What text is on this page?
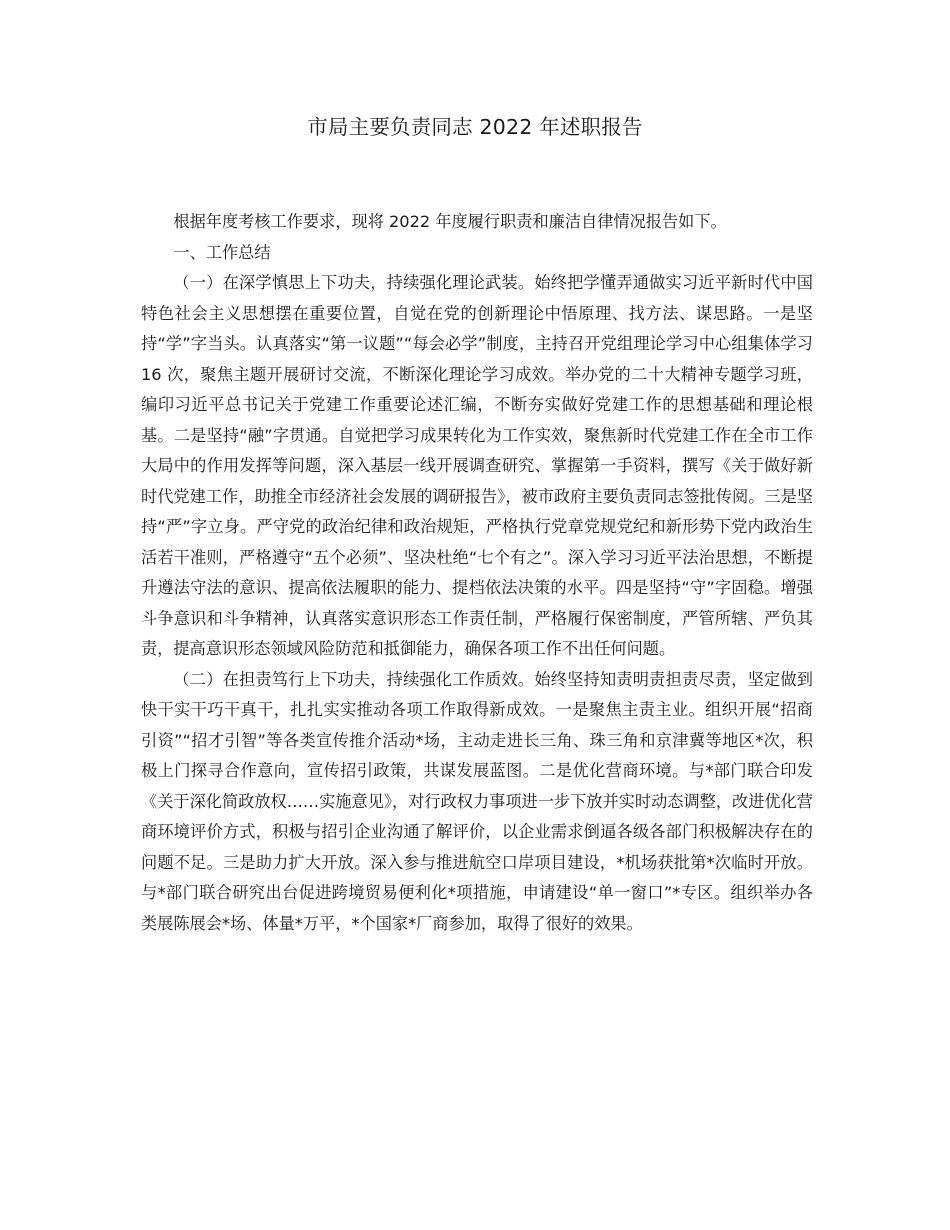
市局主要负责同志 2022 年述职报告

根据年度考核工作要求，现将 2022 年度履行职责和廉洁自律情况报告如下。

一、工作总结

（一）在深学慎思上下功夫，持续强化理论武装。始终把学懂弄通做实习近平新时代中国特色社会主义思想摆在重要位置，自觉在党的创新理论中悟原理、找方法、谋思路。一是坚持“学”字当头。认真落实“第一议题”“每会必学”制度，主持召开党组理论学习中心组集体学习 16 次，聚焦主题开展研讨交流，不断深化理论学习成效。举办党的二十大精神专题学习班，编印习近平总书记关于党建工作重要论述汇编，不断夯实做好党建工作的思想基础和理论根基。二是坚持“融”字贯通。自觉把学习成果转化为工作实效，聚焦新时代党建工作在全市工作大局中的作用发挥等问题，深入基层一线开展调查研究、掌握第一手资料，撰写《关于做好新时代党建工作，助推全市经济社会发展的调研报告》，被市政府主要负责同志签批传阅。三是坚持“严”字立身。严守党的政治纪律和政治规矩，严格执行党章党规党纪和新形势下党内政治生活若干准则，严格遵守“五个必须”、坚决杜绝“七个有之”。深入学习习近平法治思想，不断提升遵法守法的意识、提高依法履职的能力、提档依法决策的水平。四是坚持“守”字固稳。增强斗争意识和斗争精神，认真落实意识形态工作责任制，严格履行保密制度，严管所辖、严负其责，提高意识形态领域风险防范和抵御能力，确保各项工作不出任何问题。

（二）在担责笃行上下功夫，持续强化工作质效。始终坚持知责明责担责尽责，坚定做到快干实干巧干真干，扎扎实实推动各项工作取得新成效。一是聚焦主责主业。组织开展“招商引资”“招才引智”等各类宣传推介活动*场，主动走进长三角、珠三角和京津冀等地区*次，积极上门探寻合作意向，宣传招引政策，共谋发展蓝图。二是优化营商环境。与*部门联合印发《关于深化简政放权……实施意见》，对行政权力事项进一步下放并实时动态调整，改进优化营商环境评价方式，积极与招引企业沟通了解评价，以企业需求倒逼各级各部门积极解决存在的问题不足。三是助力扩大开放。深入参与推进航空口岸项目建设，*机场获批第*次临时开放。与*部门联合研究出台促进跨境贸易便利化*项措施，申请建设“单一窗口”*专区。组织举办各类展陈展会*场、体量*万平，*个国家*厂商参加，取得了很好的效果。
